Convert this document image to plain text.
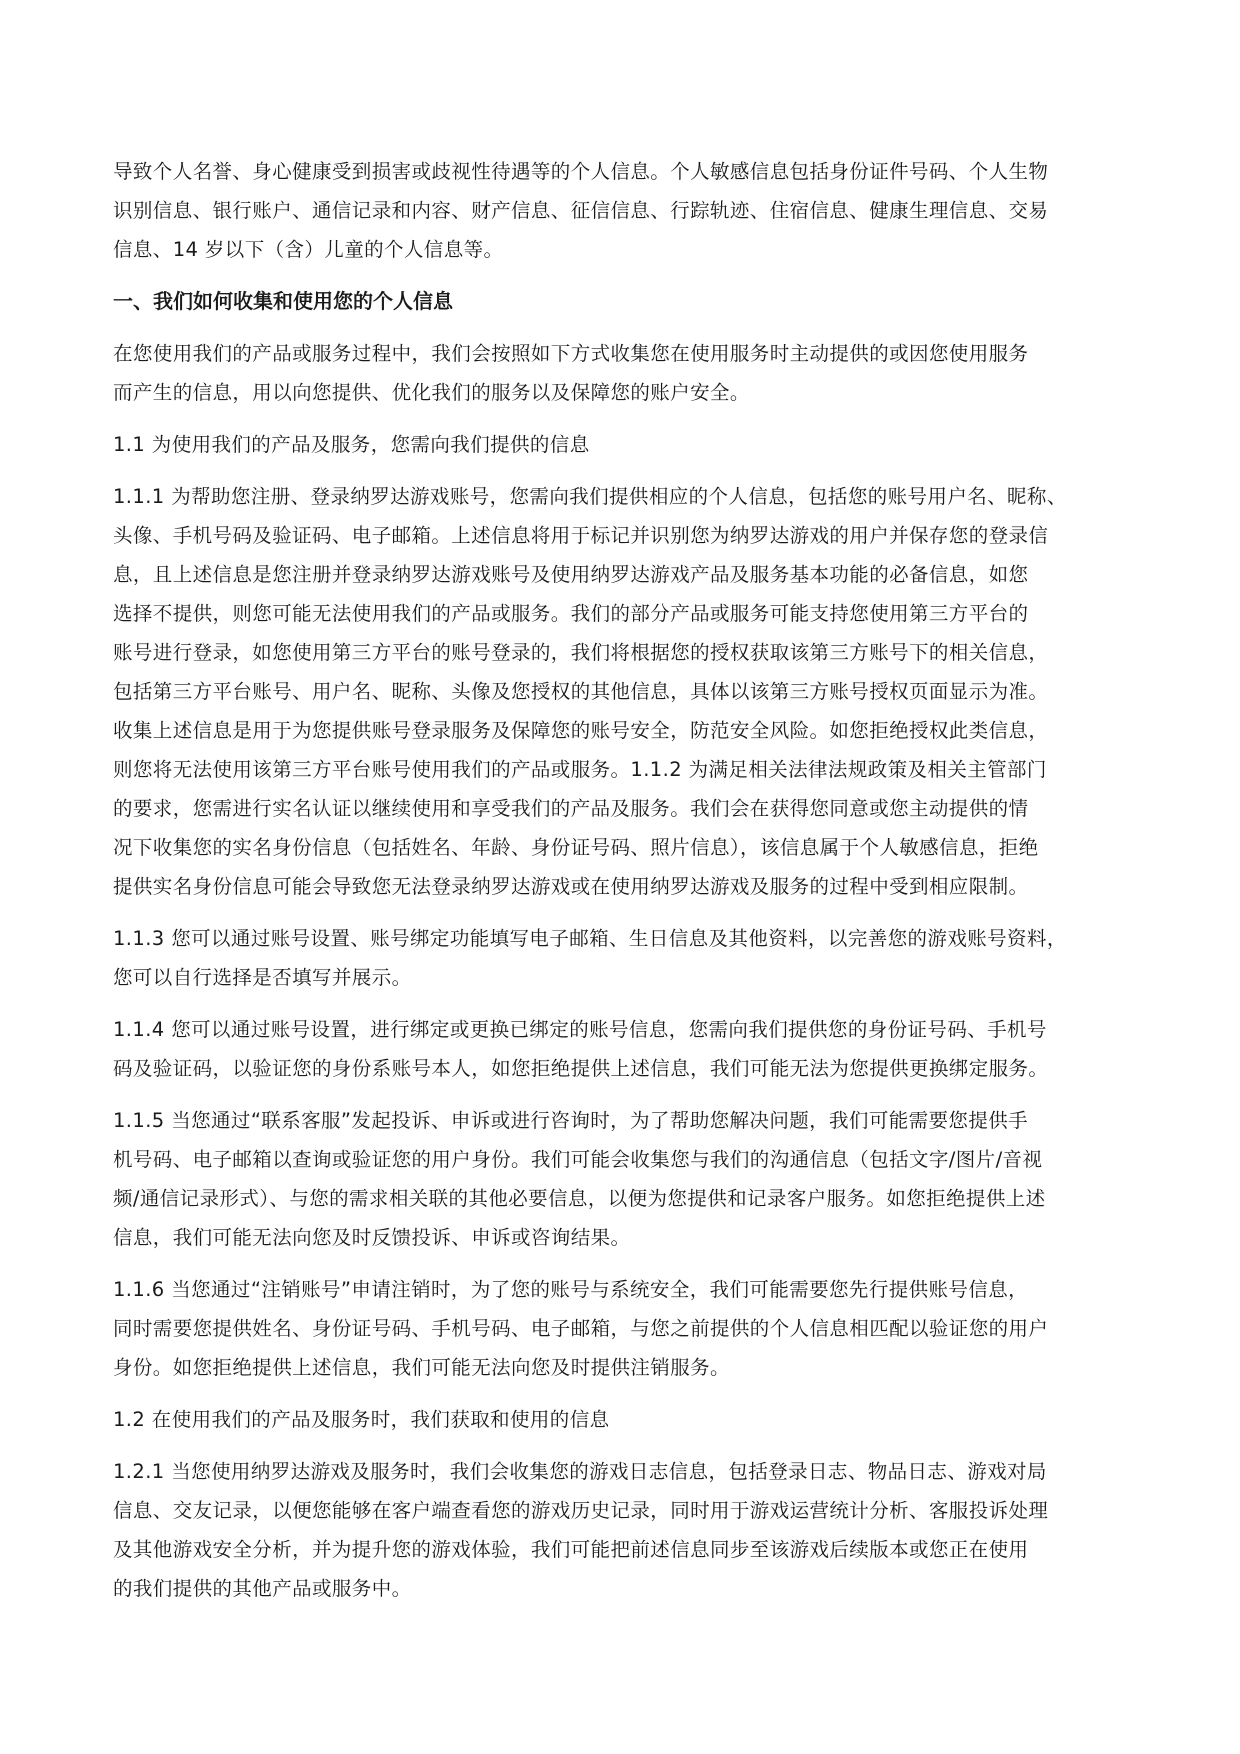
导致个人名誉、身心健康受到损害或歧视性待遇等的个人信息。个人敏感信息包括身份证件号码、个人生物
识别信息、银行账户、通信记录和内容、财产信息、征信信息、行踪轨迹、住宿信息、健康生理信息、交易
信息、14 岁以下（含）儿童的个人信息等。
一、我们如何收集和使用您的个人信息
在您使用我们的产品或服务过程中，我们会按照如下方式收集您在使用服务时主动提供的或因您使用服务
而产生的信息，用以向您提供、优化我们的服务以及保障您的账户安全。
1.1 为使用我们的产品及服务，您需向我们提供的信息
1.1.1 为帮助您注册、登录纳罗达游戏账号，您需向我们提供相应的个人信息，包括您的账号用户名、昵称、
头像、手机号码及验证码、电子邮箱。上述信息将用于标记并识别您为纳罗达游戏的用户并保存您的登录信
息，且上述信息是您注册并登录纳罗达游戏账号及使用纳罗达游戏产品及服务基本功能的必备信息，如您
选择不提供，则您可能无法使用我们的产品或服务。我们的部分产品或服务可能支持您使用第三方平台的
账号进行登录，如您使用第三方平台的账号登录的，我们将根据您的授权获取该第三方账号下的相关信息，
包括第三方平台账号、用户名、昵称、头像及您授权的其他信息，具体以该第三方账号授权页面显示为准。
收集上述信息是用于为您提供账号登录服务及保障您的账号安全，防范安全风险。如您拒绝授权此类信息，
则您将无法使用该第三方平台账号使用我们的产品或服务。1.1.2 为满足相关法律法规政策及相关主管部门
的要求，您需进行实名认证以继续使用和享受我们的产品及服务。我们会在获得您同意或您主动提供的情
况下收集您的实名身份信息（包括姓名、年龄、身份证号码、照片信息），该信息属于个人敏感信息，拒绝
提供实名身份信息可能会导致您无法登录纳罗达游戏或在使用纳罗达游戏及服务的过程中受到相应限制。
1.1.3 您可以通过账号设置、账号绑定功能填写电子邮箱、生日信息及其他资料，以完善您的游戏账号资料，
您可以自行选择是否填写并展示。
1.1.4 您可以通过账号设置，进行绑定或更换已绑定的账号信息，您需向我们提供您的身份证号码、手机号
码及验证码，以验证您的身份系账号本人，如您拒绝提供上述信息，我们可能无法为您提供更换绑定服务。
1.1.5 当您通过“联系客服”发起投诉、申诉或进行咨询时，为了帮助您解决问题，我们可能需要您提供手
机号码、电子邮箱以查询或验证您的用户身份。我们可能会收集您与我们的沟通信息（包括文字/图片/音视
频/通信记录形式）、与您的需求相关联的其他必要信息，以便为您提供和记录客户服务。如您拒绝提供上述
信息，我们可能无法向您及时反馈投诉、申诉或咨询结果。
1.1.6 当您通过“注销账号”申请注销时，为了您的账号与系统安全，我们可能需要您先行提供账号信息，
同时需要您提供姓名、身份证号码、手机号码、电子邮箱，与您之前提供的个人信息相匹配以验证您的用户
身份。如您拒绝提供上述信息，我们可能无法向您及时提供注销服务。
1.2 在使用我们的产品及服务时，我们获取和使用的信息
1.2.1 当您使用纳罗达游戏及服务时，我们会收集您的游戏日志信息，包括登录日志、物品日志、游戏对局
信息、交友记录，以便您能够在客户端查看您的游戏历史记录，同时用于游戏运营统计分析、客服投诉处理
及其他游戏安全分析，并为提升您的游戏体验，我们可能把前述信息同步至该游戏后续版本或您正在使用
的我们提供的其他产品或服务中。
